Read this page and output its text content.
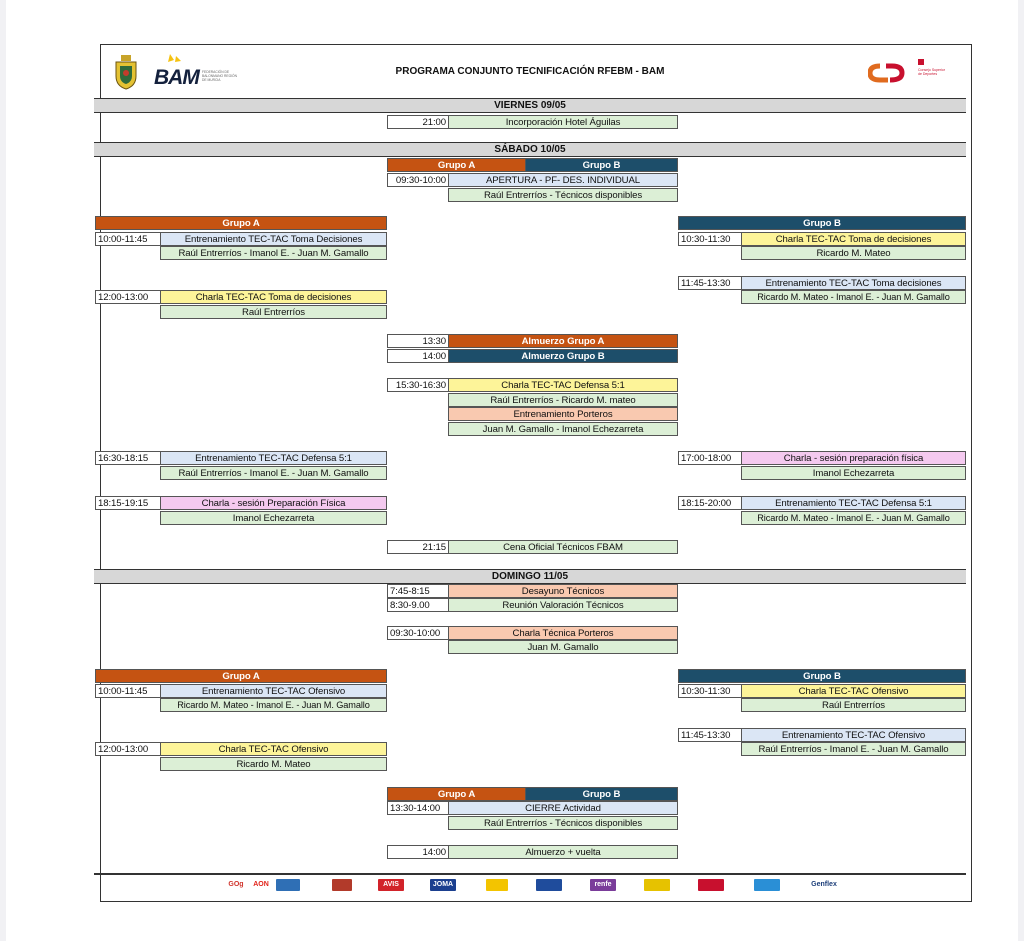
BAM FEDERACIÓN DE BALONMANO REGIÓN DE MURCIA
PROGRAMA CONJUNTO TECNIFICACIÓN RFEBM - BAM	Consejo Superior de Deportes
VIERNES 09/05
21:00	Incorporación Hotel Águilas
SÁBADO 10/05
Grupo A	Grupo B
09:30-10:00	APERTURA - PF- DES. INDIVIDUAL
Raúl Entrerríos - Técnicos disponibles
Grupo A
10:00-11:45	Entrenamiento TEC-TAC Toma Decisiones
Raúl Entrerríos - Imanol E. - Juan M. Gamallo
12:00-13:00	Charla TEC-TAC Toma de decisiones
Raúl Entrerríos
Grupo B
10:30-11:30	Charla TEC-TAC Toma de decisiones
Ricardo M. Mateo
11:45-13:30	Entrenamiento TEC-TAC Toma decisiones
Ricardo M. Mateo - Imanol E. - Juan M. Gamallo
13:30	Almuerzo Grupo A
14:00	Almuerzo Grupo B
15:30-16:30	Charla TEC-TAC Defensa 5:1
Raúl Entrerríos - Ricardo M. mateo
Entrenamiento Porteros
Juan M. Gamallo - Imanol Echezarreta
16:30-18:15	Entrenamiento TEC-TAC Defensa 5:1
Raúl Entrerríos - Imanol E. - Juan M. Gamallo
18:15-19:15	Charla - sesión Preparación Física
Imanol Echezarreta
17:00-18:00	Charla - sesión preparación física
Imanol Echezarreta
18:15-20:00	Entrenamiento TEC-TAC Defensa 5:1
Ricardo M. Mateo - Imanol E. - Juan M. Gamallo
21:15	Cena Oficial Técnicos FBAM
DOMINGO 11/05
7:45-8:15	Desayuno Técnicos
8:30-9.00	Reunión Valoración Técnicos
09:30-10:00	Charla Técnica Porteros
Juan M. Gamallo
Grupo A
10:00-11:45	Entrenamiento TEC-TAC Ofensivo
Ricardo M. Mateo - Imanol E. - Juan M. Gamallo
12:00-13:00	Charla TEC-TAC Ofensivo
Ricardo M. Mateo
Grupo B
10:30-11:30	Charla TEC-TAC Ofensivo
Raúl Entrerríos
11:45-13:30	Entrenamiento TEC-TAC Ofensivo
Raúl Entrerríos - Imanol E. - Juan M. Gamallo
Grupo A	Grupo B
13:30-14:00	CIERRE Actividad
Raúl Entrerríos - Técnicos disponibles
14:00	Almuerzo + vuelta
GOg	AON	AVIS	JOMA	renfe	Genflex
